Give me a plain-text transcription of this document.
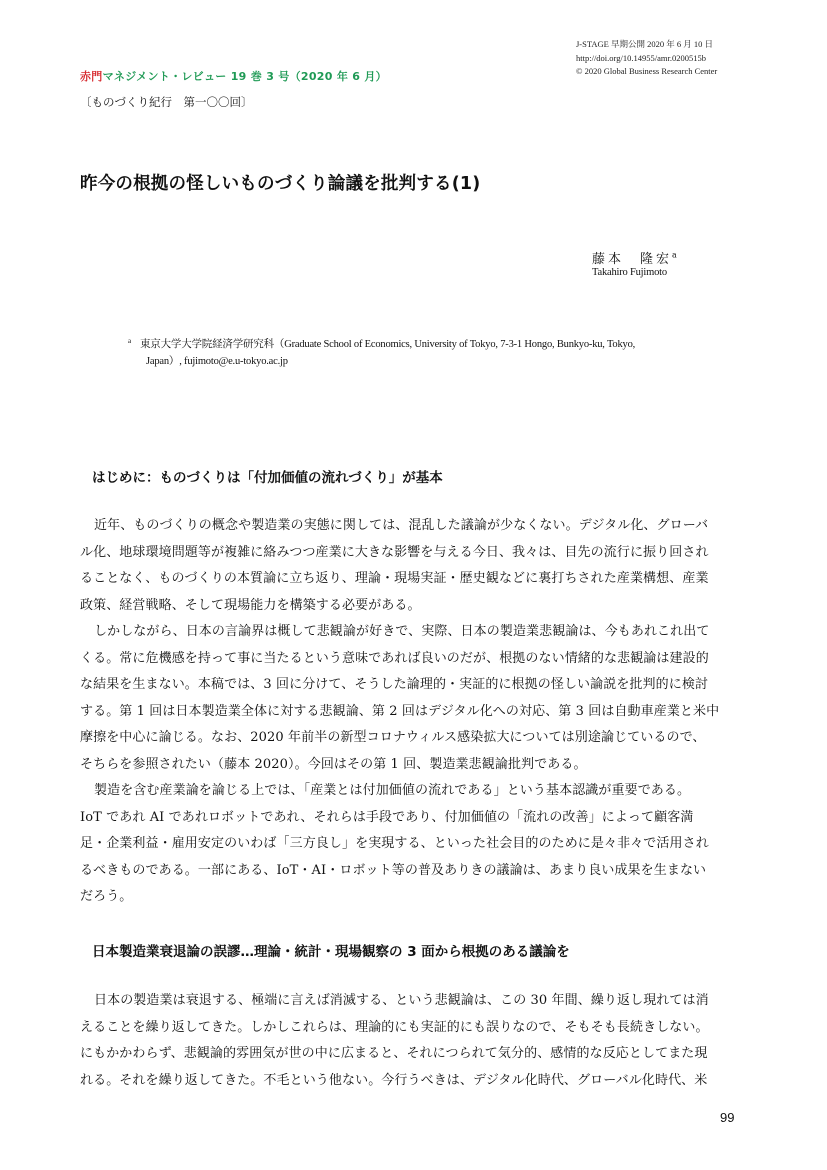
J-STAGE 早期公開 2020 年 6 月 10 日
http://doi.org/10.14955/amr.0200515b
© 2020 Global Business Research Center
赤門マネジメント・レビュー 19 巻 3 号（2020 年 6 月）
〔ものづくり紀行　第一〇〇回〕
昨今の根拠の怪しいものづくり論議を批判する(1)
藤本　隆宏$^a$
Takahiro Fujimoto
a 東京大学大学院経済学研究科（Graduate School of Economics, University of Tokyo, 7-3-1 Hongo, Bunkyo-ku, Tokyo,
Japan）, fujimoto@e.u-tokyo.ac.jp
はじめに：ものづくりは「付加価値の流れづくり」が基本
近年、ものづくりの概念や製造業の実態に関しては、混乱した議論が少なくない。デジタル化、グローバ
ル化、地球環境問題等が複雑に絡みつつ産業に大きな影響を与える今日、我々は、目先の流行に振り回され
ることなく、ものづくりの本質論に立ち返り、理論・現場実証・歴史観などに裏打ちされた産業構想、産業
政策、経営戦略、そして現場能力を構築する必要がある。
しかしながら、日本の言論界は概して悲観論が好きで、実際、日本の製造業悲観論は、今もあれこれ出て
くる。常に危機感を持って事に当たるという意味であれば良いのだが、根拠のない情緒的な悲観論は建設的
な結果を生まない。本稿では、3 回に分けて、そうした論理的・実証的に根拠の怪しい論説を批判的に検討
する。第 1 回は日本製造業全体に対する悲観論、第 2 回はデジタル化への対応、第 3 回は自動車産業と米中
摩擦を中心に論じる。なお、2020 年前半の新型コロナウィルス感染拡大については別途論じているので、
そちらを参照されたい（藤本 2020）。今回はその第 1 回、製造業悲観論批判である。
製造を含む産業論を論じる上では、「産業とは付加価値の流れである」という基本認識が重要である。
IoT であれ AI であれロボットであれ、それらは手段であり、付加価値の「流れの改善」によって顧客満
足・企業利益・雇用安定のいわば「三方良し」を実現する、といった社会目的のために是々非々で活用され
るべきものである。一部にある、IoT・AI・ロボット等の普及ありきの議論は、あまり良い成果を生まない
だろう。
日本製造業衰退論の誤謬…理論・統計・現場観察の 3 面から根拠のある議論を
日本の製造業は衰退する、極端に言えば消滅する、という悲観論は、この 30 年間、繰り返し現れては消
えることを繰り返してきた。しかしこれらは、理論的にも実証的にも誤りなので、そもそも長続きしない。
にもかかわらず、悲観論的雰囲気が世の中に広まると、それにつられて気分的、感情的な反応としてまた現
れる。それを繰り返してきた。不毛という他ない。今行うべきは、デジタル化時代、グローバル化時代、米
99
